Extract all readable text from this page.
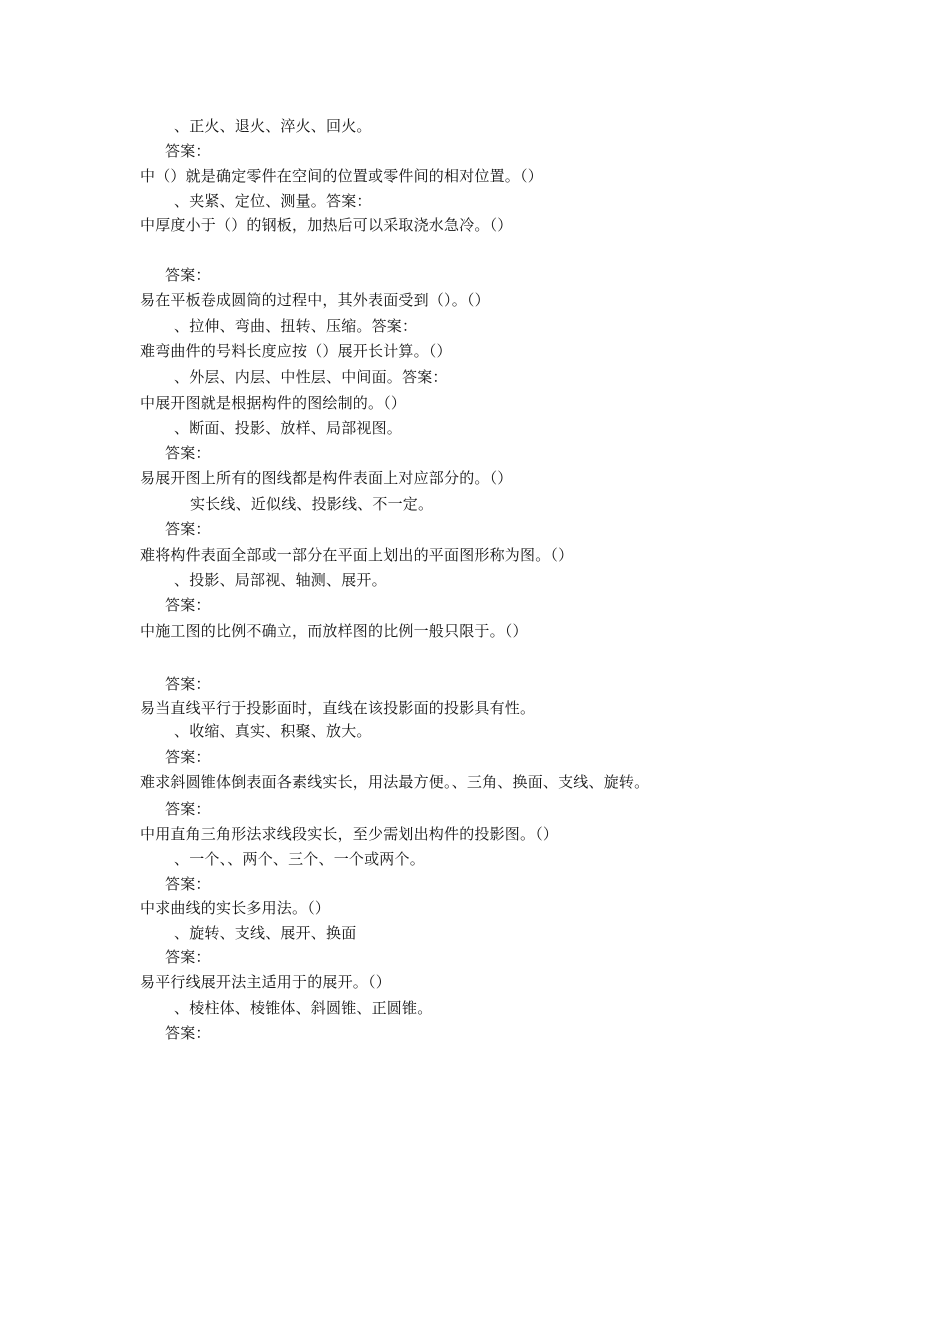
、正火、退火、淬火、回火。
答案：
中（）就是确定零件在空间的位置或零件间的相对位置。（）
、夹紧、定位、测量。答案：
中厚度小于（）的钢板，加热后可以采取浇水急冷。（）
答案：
易在平板卷成圆筒的过程中，其外表面受到（）。（）
、拉伸、弯曲、扭转、压缩。答案：
难弯曲件的号料长度应按（）展开长计算。（）
、外层、内层、中性层、中间面。答案：
中展开图就是根据构件的图绘制的。（）
、断面、投影、放样、局部视图。
答案：
易展开图上所有的图线都是构件表面上对应部分的。（）
实长线、近似线、投影线、不一定。
答案：
难将构件表面全部或一部分在平面上划出的平面图形称为图。（）
、投影、局部视、轴测、展开。
答案：
中施工图的比例不确立，而放样图的比例一般只限于。（）
答案：
易当直线平行于投影面时，直线在该投影面的投影具有性。
、收缩、真实、积聚、放大。
答案：
难求斜圆锥体倒表面各素线实长，用法最方便。、三角、换面、支线、旋转。
答案：
中用直角三角形法求线段实长，至少需划出构件的投影图。（）
、一个、、两个、三个、一个或两个。
答案：
中求曲线的实长多用法。（）
、旋转、支线、展开、换面
答案：
易平行线展开法主适用于的展开。（）
、棱柱体、棱锥体、斜圆锥、正圆锥。
答案：
